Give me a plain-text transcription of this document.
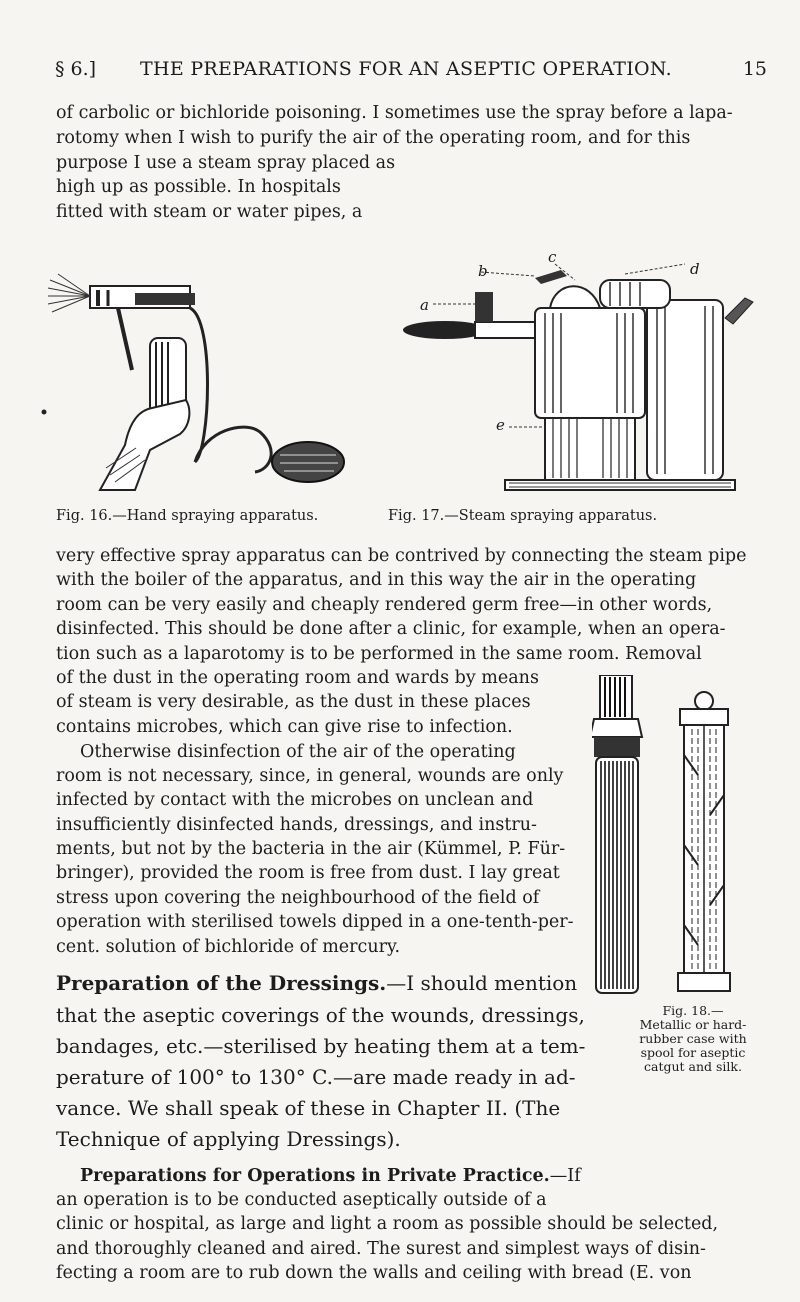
§ 6.] THE PREPARATIONS FOR AN ASEPTIC OPERATION.	15
of carbolic or bichloride poisoning. I sometimes use the spray before a lapa-
rotomy when I wish to purify the air of the operating room, and for this
purpose I use a steam spray placed as
high up as possible. In hospitals
fitted with steam or water pipes, a
b
a
c
d
e
Fig. 16.—Hand spraying apparatus.	Fig. 17.—Steam spraying apparatus.
very effective spray apparatus can be contrived by connecting the steam pipe
with the boiler of the apparatus, and in this way the air in the operating
room can be very easily and cheaply rendered germ free—in other words,
disinfected. This should be done after a clinic, for example, when an opera-
tion such as a laparotomy is to be performed in the same room. Removal
of the dust in the operating room and wards by means
of steam is very desirable, as the dust in these places
contains microbes, which can give rise to infection.
Otherwise disinfection of the air of the operating
room is not necessary, since, in general, wounds are only
infected by contact with the microbes on unclean and
insufficiently disinfected hands, dressings, and instru-
ments, but not by the bacteria in the air (Kümmel, P. Für-
bringer), provided the room is free from dust. I lay great
stress upon covering the neighbourhood of the field of
operation with sterilised towels dipped in a one-tenth-per-
cent. solution of bichloride of mercury.
Fig. 18.—Metallic or hard-rubber case with spool for aseptic catgut and silk.
Preparation of the Dressings.—I should mention
that the aseptic coverings of the wounds, dressings,
bandages, etc.—sterilised by heating them at a tem-
perature of 100° to 130° C.—are made ready in ad-
vance. We shall speak of these in Chapter II. (The
Technique of applying Dressings).
Preparations for Operations in Private Practice.—If
an operation is to be conducted aseptically outside of a
clinic or hospital, as large and light a room as possible should be selected,
and thoroughly cleaned and aired. The surest and simplest ways of disin-
fecting a room are to rub down the walls and ceiling with bread (E. von
